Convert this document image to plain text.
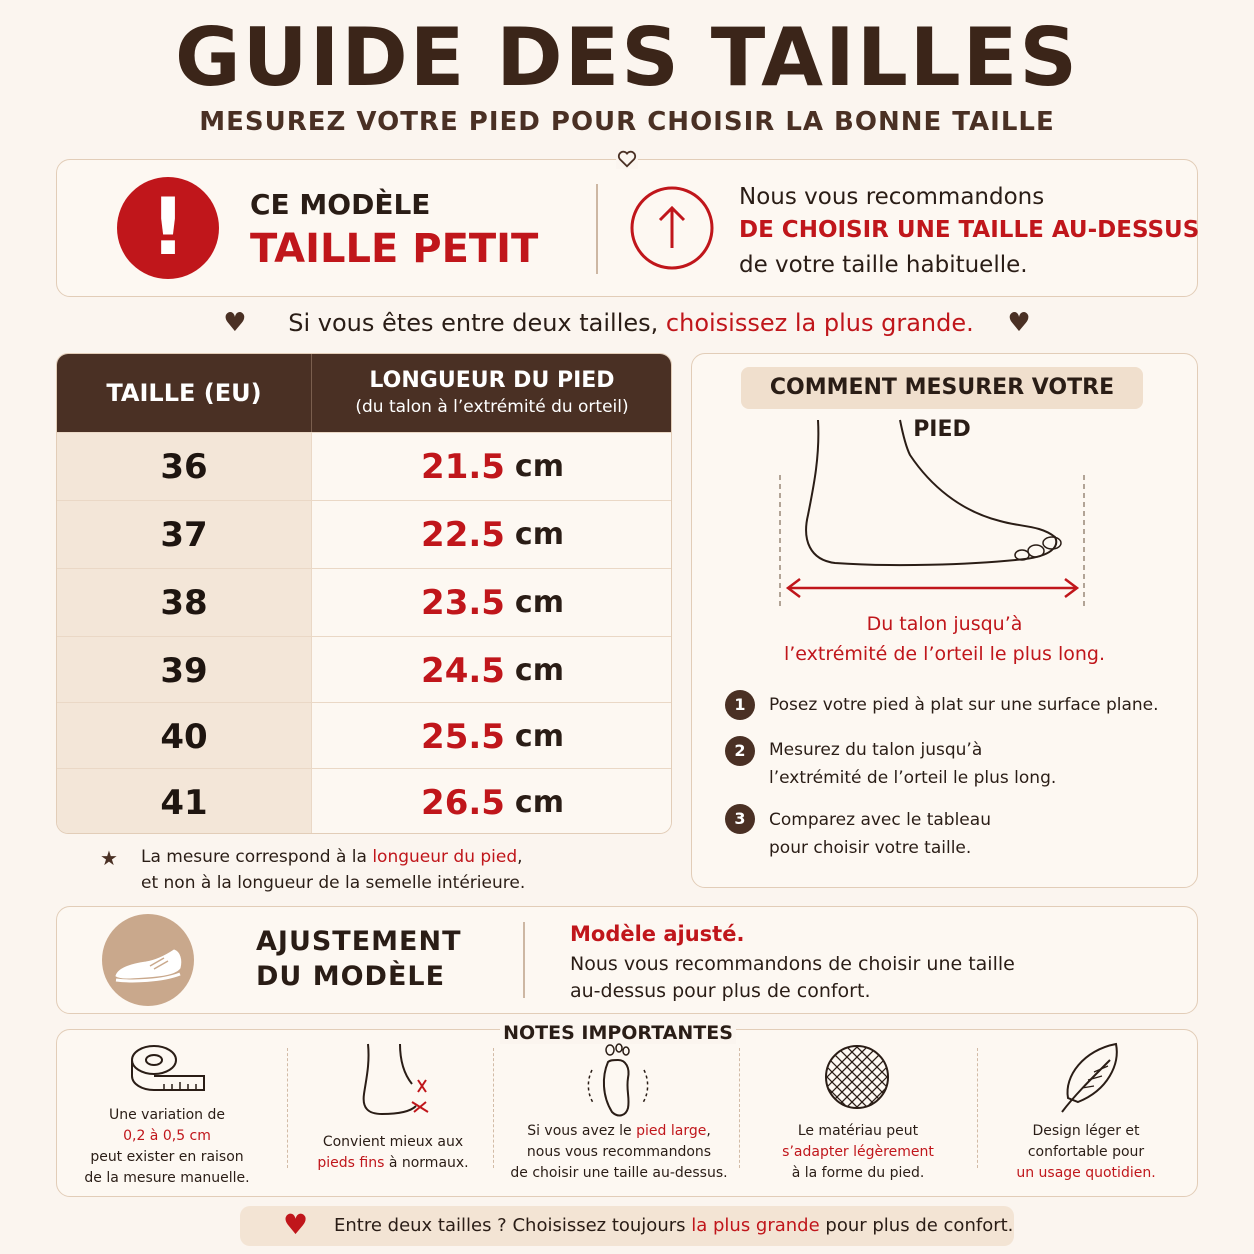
GUIDE DES TAILLES
MESUREZ VOTRE PIED POUR CHOISIR LA BONNE TAILLE
!	CE MODÈLE
TAILLE PETIT
Nous vous recommandons
DE CHOISIR UNE TAILLE AU-DESSUS
de votre taille habituelle.
♥ Si vous êtes entre deux tailles, choisissez la plus grande. ♥
TAILLE (EU)	LONGUEUR DU PIED
(du talon à l’extrémité du orteil)
36	21.5 cm
37	22.5 cm
38	23.5 cm
39	24.5 cm
40	25.5 cm
41	26.5 cm
★ La mesure correspond à la longueur du pied,
et non à la longueur de la semelle intérieure.
COMMENT MESURER VOTRE PIED
Du talon jusqu’à
l’extrémité de l’orteil le plus long.
1	Posez votre pied à plat sur une surface plane.
2	Mesurez du talon jusqu’à
l’extrémité de l’orteil le plus long.
3	Comparez avec le tableau
pour choisir votre taille.
AJUSTEMENT
DU MODÈLE
Modèle ajusté.
Nous vous recommandons de choisir une taille
au-dessus pour plus de confort.
NOTES IMPORTANTES
Une variation de
0,2 à 0,5 cm
peut exister en raison
de la mesure manuelle.
Convient mieux aux
pieds fins à normaux.
Si vous avez le pied large,
nous vous recommandons
de choisir une taille au-dessus.
Le matériau peut
s’adapter légèrement
à la forme du pied.
Design léger et
confortable pour
un usage quotidien.
♥ Entre deux tailles ? Choisissez toujours la plus grande pour plus de confort.
